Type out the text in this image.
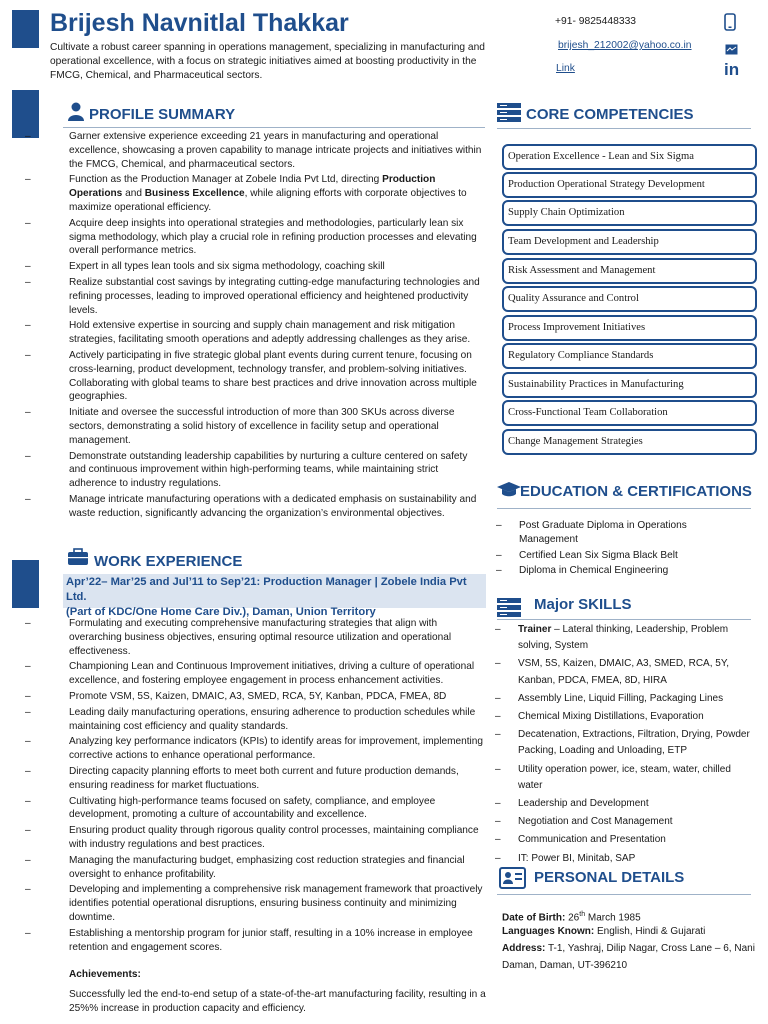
Brijesh Navnitlal Thakkar

Cultivate a robust career spanning in operations management, specializing in manufacturing and operational excellence, with a focus on strategic initiatives aimed at boosting productivity in the FMCG, Chemical, and Pharmaceutical sectors.

+91- 9825448333
brijesh_212002@yahoo.co.in
Link	in
PROFILE SUMMARY
– Garner extensive experience exceeding 21 years in manufacturing and operational excellence, showcasing a proven capability to manage intricate projects and initiatives within the FMCG, Chemical, and pharmaceutical sectors.
– Function as the Production Manager at Zobele India Pvt Ltd, directing Production Operations and Business Excellence, while aligning efforts with corporate objectives to maximize operational efficiency.
– Acquire deep insights into operational strategies and methodologies, particularly lean six sigma methodology, which play a crucial role in refining production processes and elevating overall performance metrics.
– Expert in all types lean tools and six sigma methodology, coaching skill
– Realize substantial cost savings by integrating cutting-edge manufacturing technologies and refining processes, leading to improved operational efficiency and heightened productivity levels.
– Hold extensive expertise in sourcing and supply chain management and risk mitigation strategies, facilitating smooth operations and adeptly addressing challenges as they arise.
– Actively participating in five strategic global plant events during current tenure, focusing on cross-learning, product development, technology transfer, and problem-solving initiatives. Collaborating with global teams to share best practices and drive innovation across multiple geographies.
– Initiate and oversee the successful introduction of more than 300 SKUs across diverse sectors, demonstrating a solid history of excellence in facility setup and operational management.
– Demonstrate outstanding leadership capabilities by nurturing a culture centered on safety and continuous improvement within high-performing teams, while maintaining strict adherence to industry regulations.
– Manage intricate manufacturing operations with a dedicated emphasis on sustainability and waste reduction, significantly advancing the organization’s environmental objectives.
WORK EXPERIENCE
Apr’22– Mar’25 and Jul’11 to Sep’21: Production Manager | Zobele India Pvt Ltd.
(Part of KDC/One Home Care Div.), Daman, Union Territory
– Formulating and executing comprehensive manufacturing strategies that align with overarching business objectives, ensuring optimal resource utilization and operational effectiveness.
– Championing Lean and Continuous Improvement initiatives, driving a culture of operational excellence, and fostering employee engagement in process enhancement activities.
– Promote VSM, 5S, Kaizen, DMAIC, A3, SMED, RCA, 5Y, Kanban, PDCA, FMEA, 8D
– Leading daily manufacturing operations, ensuring adherence to production schedules while maintaining cost efficiency and quality standards.
– Analyzing key performance indicators (KPIs) to identify areas for improvement, implementing corrective actions to enhance operational performance.
– Directing capacity planning efforts to meet both current and future production demands, ensuring readiness for market fluctuations.
– Cultivating high-performance teams focused on safety, compliance, and employee development, promoting a culture of accountability and excellence.
– Ensuring product quality through rigorous quality control processes, maintaining compliance with industry regulations and best practices.
– Managing the manufacturing budget, emphasizing cost reduction strategies and financial oversight to enhance profitability.
– Developing and implementing a comprehensive risk management framework that proactively identifies potential operational disruptions, ensuring business continuity and minimizing downtime.
– Establishing a mentorship program for junior staff, resulting in a 10% increase in employee retention and engagement scores.
Achievements:
Successfully led the end-to-end setup of a state-of-the-art manufacturing facility, resulting in a 25%% increase in production capacity and efficiency.
CORE COMPETENCIES
Operation Excellence - Lean and Six Sigma
Production Operational Strategy Development
Supply Chain Optimization
Team Development and Leadership
Risk Assessment and Management
Quality Assurance and Control
Process Improvement Initiatives
Regulatory Compliance Standards
Sustainability Practices in Manufacturing
Cross-Functional Team Collaboration
Change Management Strategies
EDUCATION & CERTIFICATIONS
– Post Graduate Diploma in Operations Management
– Certified Lean Six Sigma Black Belt
– Diploma in Chemical Engineering
Major SKILLS
– Trainer – Lateral thinking, Leadership, Problem solving, System
– VSM, 5S, Kaizen, DMAIC, A3, SMED, RCA, 5Y, Kanban, PDCA, FMEA, 8D, HIRA
– Assembly Line, Liquid Filling, Packaging Lines
– Chemical Mixing Distillations, Evaporation
– Decatenation, Extractions, Filtration, Drying, Powder Packing, Loading and Unloading, ETP
– Utility operation power, ice, steam, water, chilled water
– Leadership and Development
– Negotiation and Cost Management
– Communication and Presentation
– IT: Power BI, Minitab, SAP
PERSONAL DETAILS
Date of Birth: 26th March 1985
Languages Known: English, Hindi & Gujarati
Address: T-1, Yashraj, Dilip Nagar, Cross Lane – 6, Nani Daman, Daman, UT-396210
